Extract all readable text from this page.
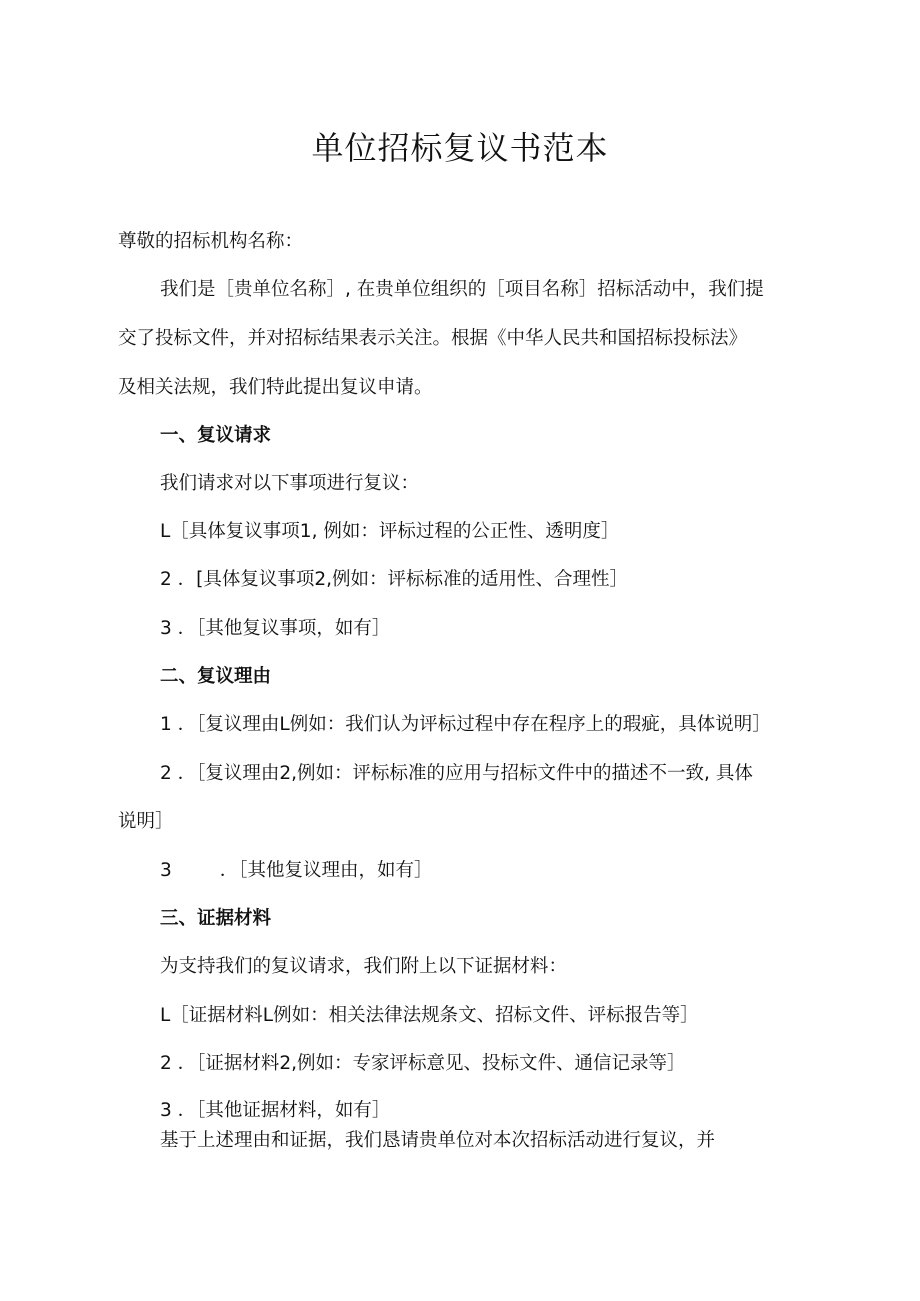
单位招标复议书范本

尊敬的招标机构名称：

我们是［贵单位名称］, 在贵单位组织的［项目名称］招标活动中，我们提

交了投标文件，并对招标结果表示关注。根据《中华人民共和国招标投标法》

及相关法规，我们特此提出复议申请。

一、复议请求

我们请求对以下事项进行复议：

L［具体复议事项1, 例如：评标过程的公正性、透明度］

2 ．[具体复议事项2,例如：评标标准的适用性、合理性］

3 ．［其他复议事项，如有］

二、复议理由

1 ．［复议理由L例如：我们认为评标过程中存在程序上的瑕疵，具体说明］

2 ．［复议理由2,例如：评标标准的应用与招标文件中的描述不一致, 具体

说明］

3	．［其他复议理由，如有］

三、证据材料

为支持我们的复议请求，我们附上以下证据材料：

L［证据材料L例如：相关法律法规条文、招标文件、评标报告等］

2 ．［证据材料2,例如：专家评标意见、投标文件、通信记录等］

3 ．［其他证据材料，如有］

基于上述理由和证据，我们恳请贵单位对本次招标活动进行复议，并
